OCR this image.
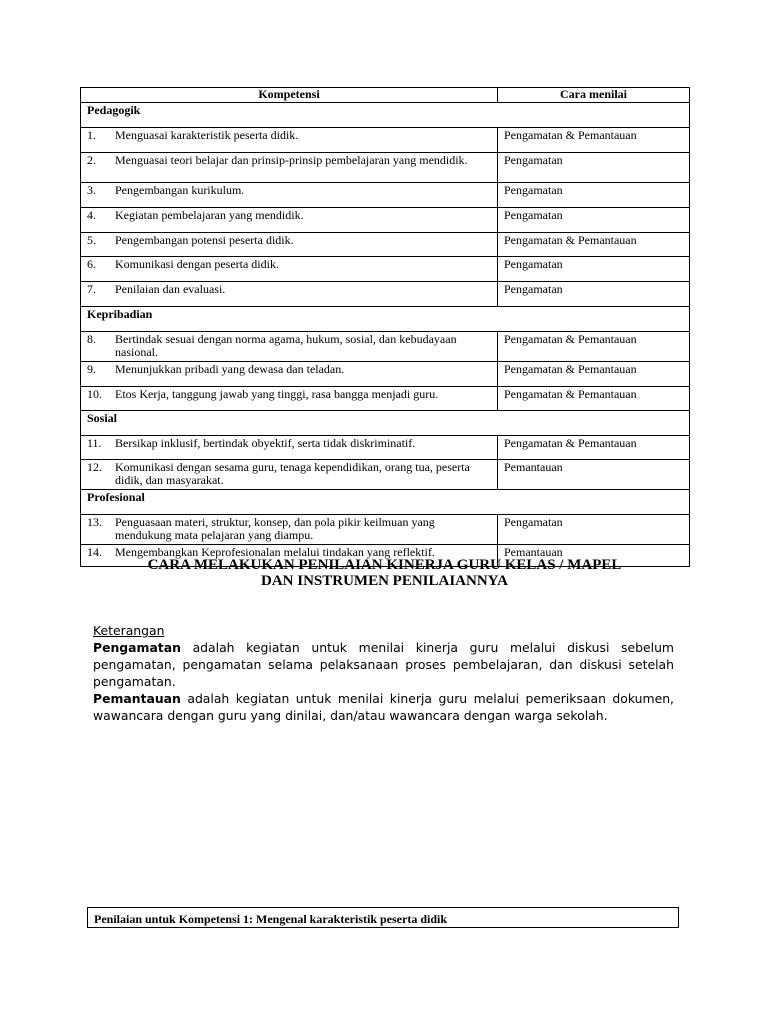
Kompetensi	Cara menilai
Pedagogik	
1. Menguasai karakteristik peserta didik.	Pengamatan & Pemantauan
2. Menguasai teori belajar dan prinsip-prinsip pembelajaran yang mendidik.	Pengamatan
3. Pengembangan kurikulum.	Pengamatan
4. Kegiatan pembelajaran yang mendidik.	Pengamatan
5. Pengembangan potensi peserta didik.	Pengamatan & Pemantauan
6. Komunikasi dengan peserta didik.	Pengamatan
7. Penilaian dan evaluasi.	Pengamatan
Kepribadian	
8. Bertindak sesuai dengan norma agama, hukum, sosial, dan kebudayaan nasional.	Pengamatan & Pemantauan
9. Menunjukkan pribadi yang dewasa dan teladan.	Pengamatan & Pemantauan
10. Etos Kerja, tanggung jawab yang tinggi, rasa bangga menjadi guru.	Pengamatan & Pemantauan
Sosial	
11. Bersikap inklusif, bertindak obyektif, serta tidak diskriminatif.	Pengamatan & Pemantauan
12. Komunikasi dengan sesama guru, tenaga kependidikan, orang tua, peserta didik, dan masyarakat.	Pemantauan
Profesional	
13. Penguasaan materi, struktur, konsep, dan pola pikir keilmuan yang mendukung mata pelajaran yang diampu.	Pengamatan
14. Mengembangkan Keprofesionalan melalui tindakan yang reflektif.	Pemantauan
CARA MELAKUKAN PENILAIAN KINERJA GURU KELAS / MAPEL
DAN INSTRUMEN PENILAIANNYA

Keterangan

Pengamatan adalah kegiatan untuk menilai kinerja guru melalui diskusi sebelum pengamatan, pengamatan selama pelaksanaan proses pembelajaran, dan diskusi setelah pengamatan.

Pemantauan adalah kegiatan untuk menilai kinerja guru melalui pemeriksaan dokumen, wawancara dengan guru yang dinilai, dan/atau wawancara dengan warga sekolah.

Penilaian untuk Kompetensi 1: Mengenal karakteristik peserta didik
